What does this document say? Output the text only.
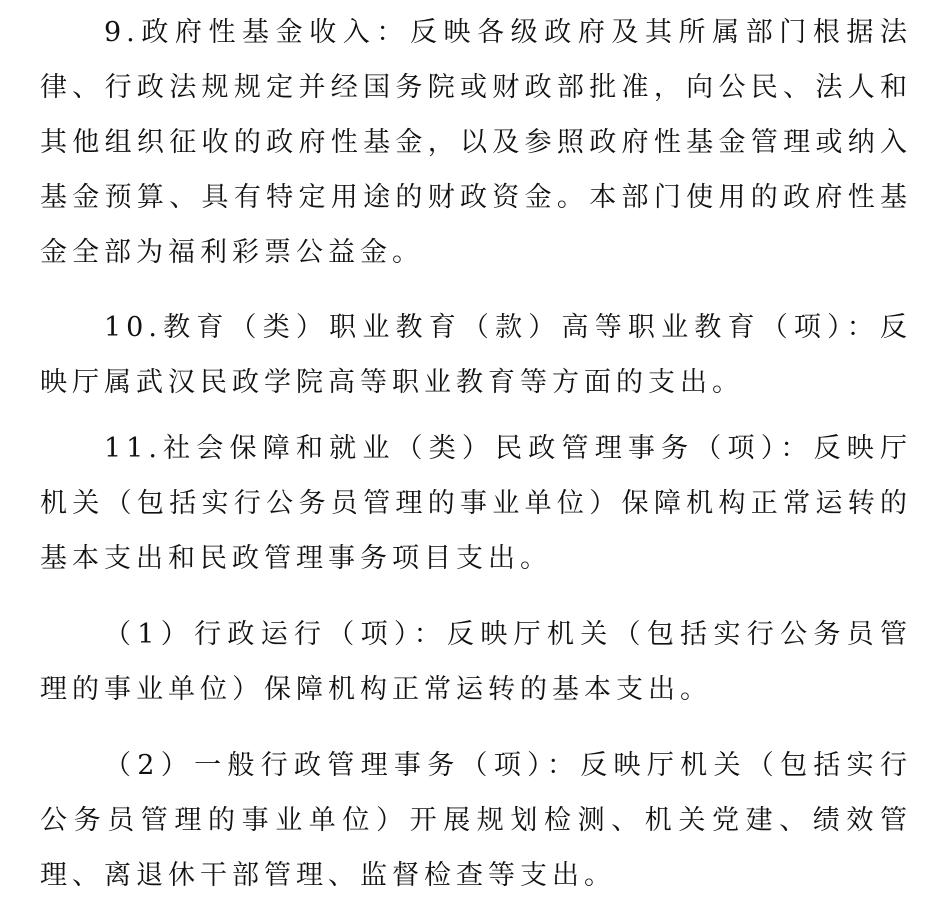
9.政府性基金收入：反映各级政府及其所属部门根据法律、行政法规规定并经国务院或财政部批准，向公民、法人和其他组织征收的政府性基金，以及参照政府性基金管理或纳入基金预算、具有特定用途的财政资金。本部门使用的政府性基金全部为福利彩票公益金。

10.教育（类）职业教育（款）高等职业教育（项）：反映厅属武汉民政学院高等职业教育等方面的支出。

11.社会保障和就业（类）民政管理事务（项）：反映厅机关（包括实行公务员管理的事业单位）保障机构正常运转的基本支出和民政管理事务项目支出。

（1）行政运行（项）：反映厅机关（包括实行公务员管理的事业单位）保障机构正常运转的基本支出。

（2）一般行政管理事务（项）：反映厅机关（包括实行公务员管理的事业单位）开展规划检测、机关党建、绩效管理、离退休干部管理、监督检查等支出。
